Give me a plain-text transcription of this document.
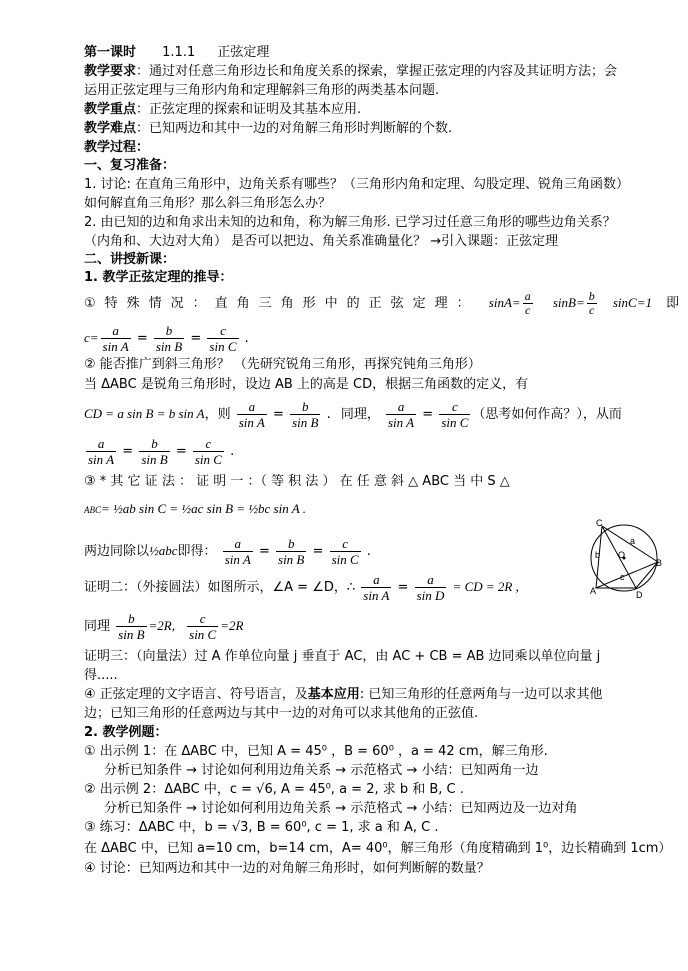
第一课时 1.1.1 正弦定理
教学要求：通过对任意三角形边长和角度关系的探索，掌握正弦定理的内容及其证明方法；会
运用正弦定理与三角形内角和定理解斜三角形的两类基本问题.
教学重点：正弦定理的探索和证明及其基本应用.
教学难点：已知两边和其中一边的对角解三角形时判断解的个数.
教学过程：
一、复习准备：
1. 讨论: 在直角三角形中，边角关系有哪些？（三角形内角和定理、勾股定理、锐角三角函数）
如何解直角三角形？那么斜三角形怎么办？
2. 由已知的边和角求出未知的边和角，称为解三角形. 已学习过任意三角形的哪些边角关系？
（内角和、大边对大角） 是否可以把边、角关系准确量化？ →引入课题：正弦定理
二、讲授新课：
1. 教学正弦定理的推导：
①特殊情况：直角三角形中的正弦定理： $\sin A= \frac{a}{c} \sin B= \frac{b}{c} \sin C=1$ 即
$c= \frac{a}{\text{sin A}} = \frac{b}{\text{sin B}} = \frac{c}{\text{sin C}}$ .
② 能否推广到斜三角形？ （先研究锐角三角形，再探究钝角三角形）
当 ΔABC 是锐角三角形时，设边 AB 上的高是 CD，根据三角函数的定义，有
CD = a sin B = b sin A，则 $\frac{a}{\text{sin A}} = \frac{b}{\text{sin B}}$ . 同理， $\frac{a}{\text{sin A}} = \frac{c}{\text{sin C}}$ （思考如何作高？），从而
$\frac{a}{\text{sin A}} = \frac{b}{\text{sin B}} = \frac{c}{\text{sin C}}$ .
③ * 其 它 证 法 ： 证 明 一 ：（ 等 积 法 ） 在 任 意 斜 △ ABC 当 中 S △
ABC= ½ab sin C = ½ac sin B = ½bc sin A .
两边同除以½abc即得： $\frac{a}{\text{sin A}} = \frac{b}{\text{sin B}} = \frac{c}{\text{sin C}}$ .
证明二：（外接圆法）如图所示，∠A = ∠D，∴ $\frac{a}{\text{sin A}} = \frac{a}{\text{sin D}}$ = CD = 2R ,
同理 $\frac{b}{\text{sin B}} =2R$, $\frac{c}{\text{sin C}} =2R$
证明三：（向量法）过 A 作单位向量 j 垂直于 AC，由 AC + CB = AB 边同乘以单位向量 j
得.....
④ 正弦定理的文字语言、符号语言，及基本应用: 已知三角形的任意两角与一边可以求其他
边；已知三角形的任意两边与其中一边的对角可以求其他角的正弦值.
2. 教学例题：
① 出示例 1：在 ΔABC 中，已知 A = 45⁰ ，B = 60⁰ ，a = 42 cm，解三角形.
分析已知条件 → 讨论如何利用边角关系 → 示范格式 → 小结：已知两角一边
② 出示例 2：ΔABC 中，c = √6, A = 45⁰, a = 2, 求 b 和 B, C .
分析已知条件 → 讨论如何利用边角关系 → 示范格式 → 小结：已知两边及一边对角
③ 练习：ΔABC 中，b = √3, B = 60⁰, c = 1, 求 a 和 A, C .
在 ΔABC 中，已知 a=10 cm，b=14 cm，A= 40⁰，解三角形（角度精确到 1⁰，边长精确到 1cm）
④ 讨论：已知两边和其中一边的对角解三角形时，如何判断解的数量？
C
b
a
O
B
A
c
D
